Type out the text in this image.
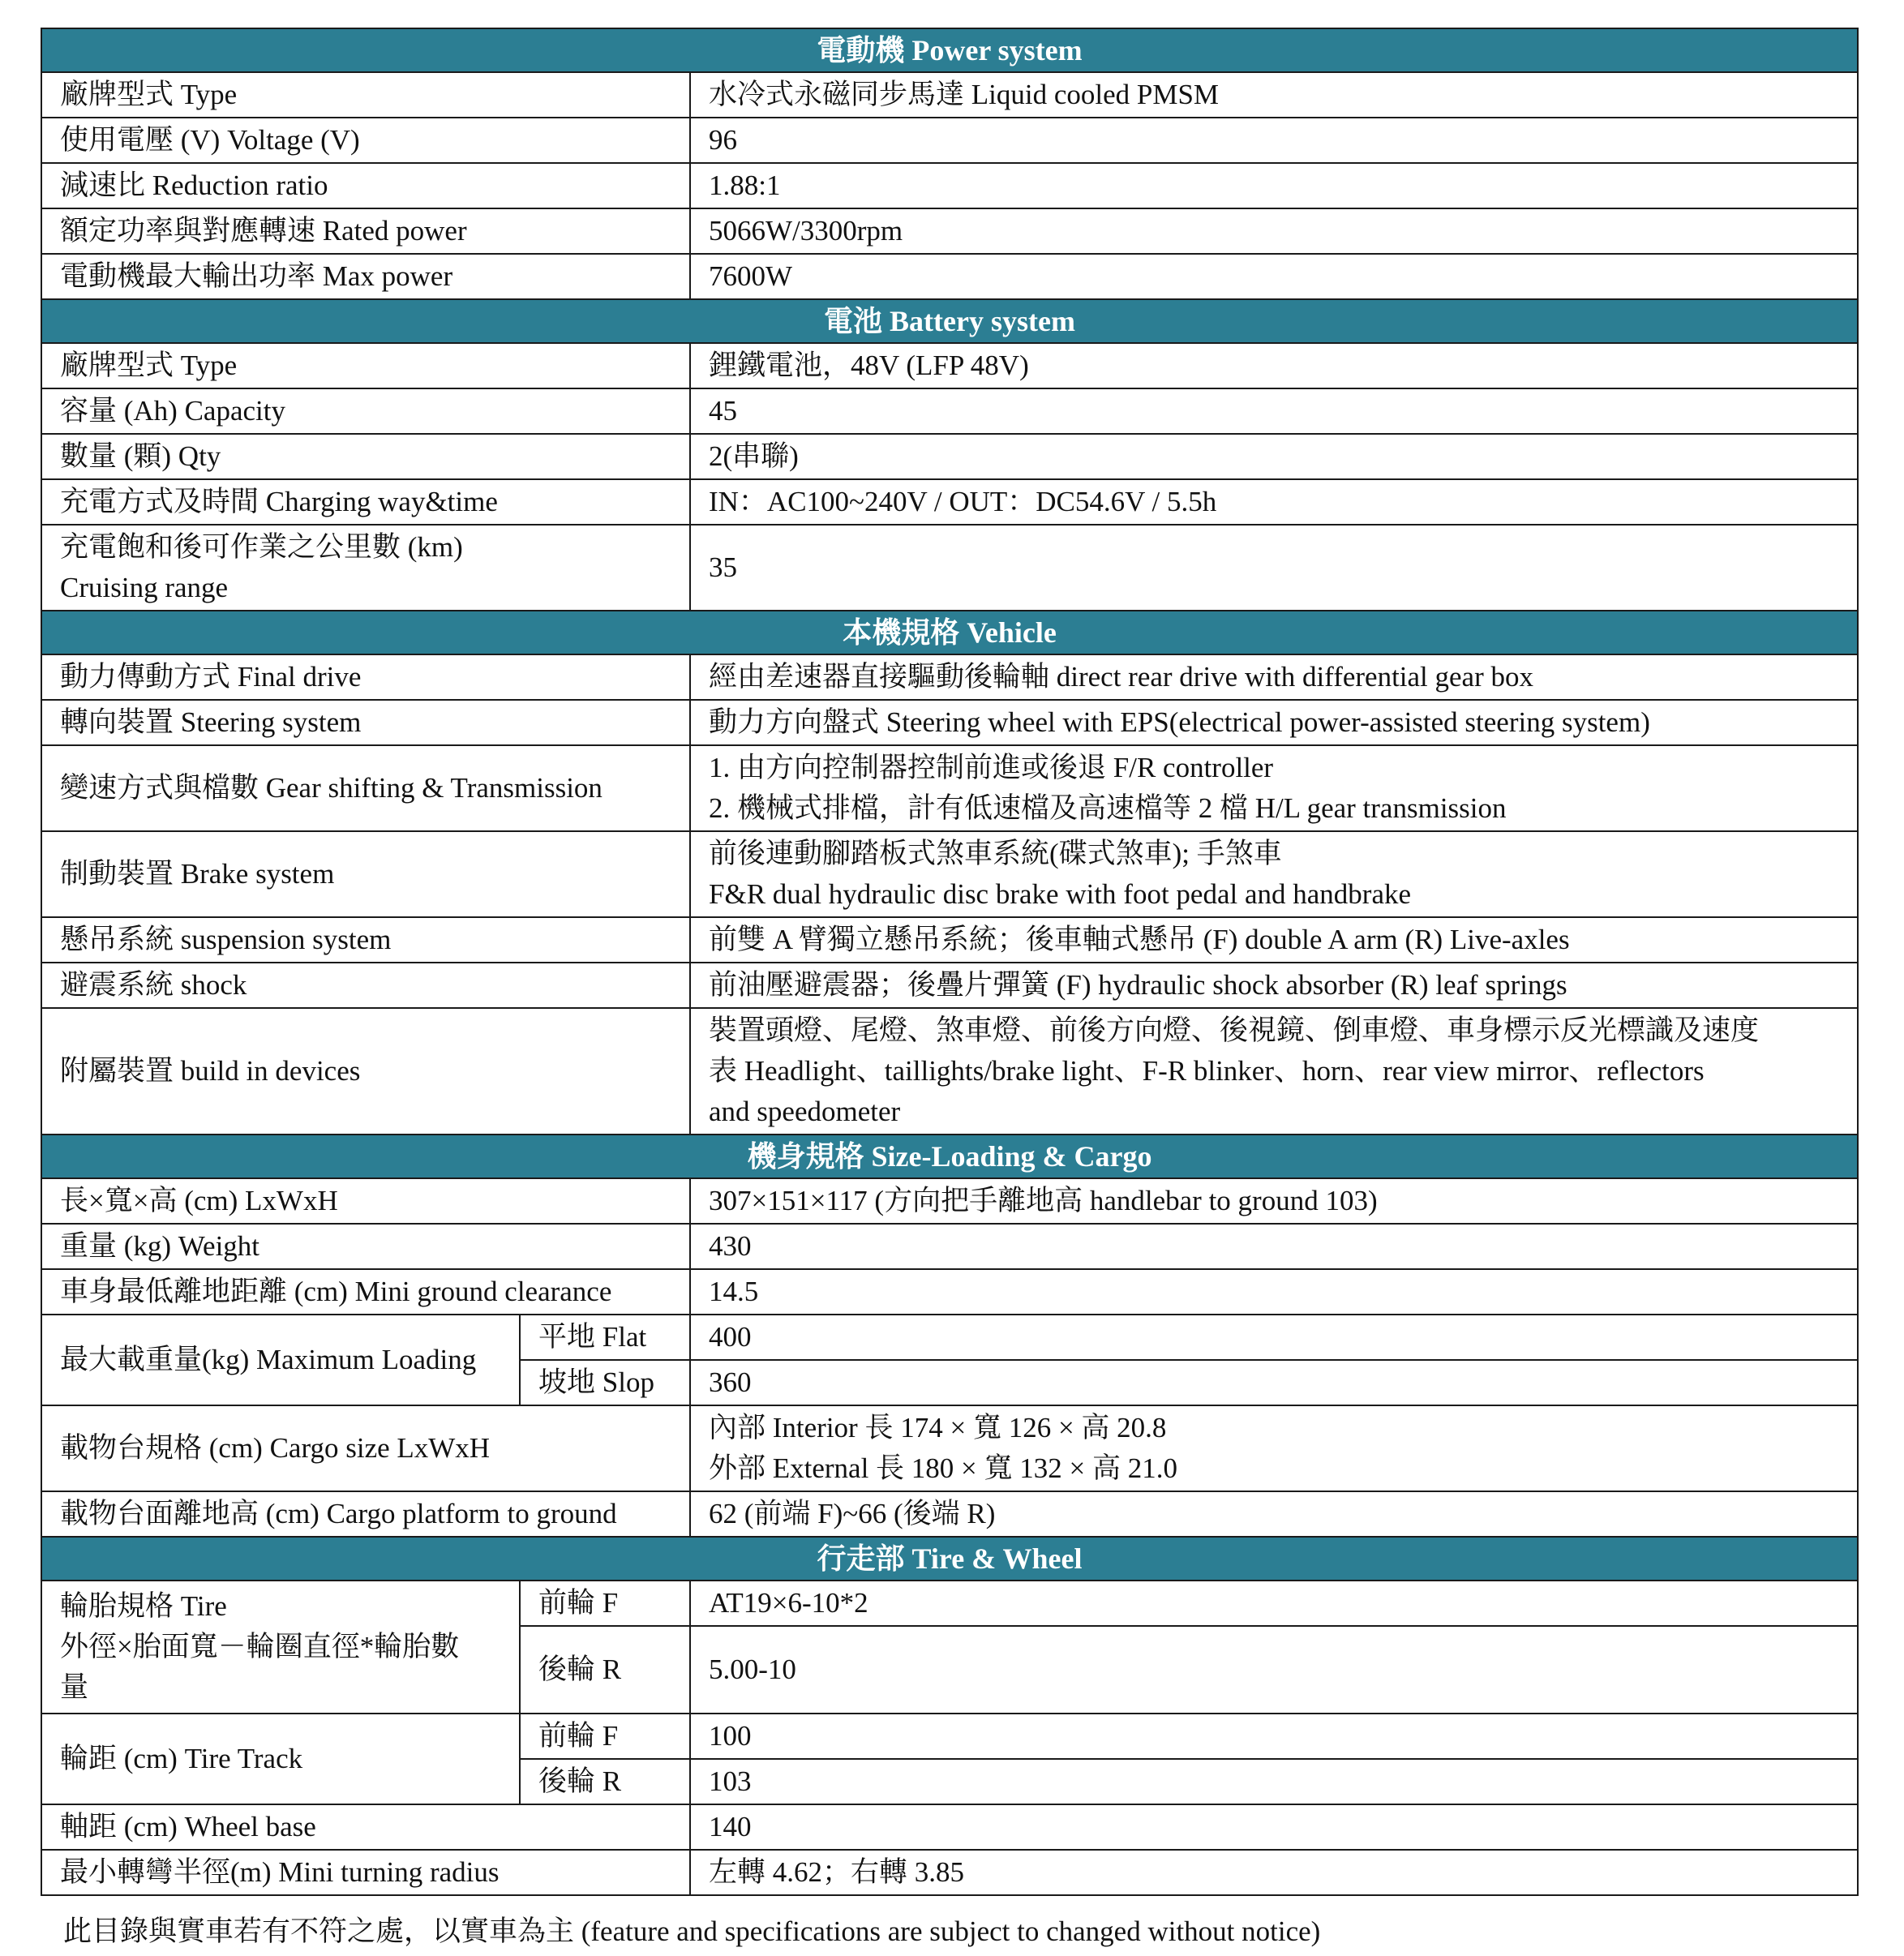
電動機 Power system		
廠牌型式 Type		水冷式永磁同步馬達 Liquid cooled PMSM
使用電壓 (V) Voltage (V)		96
減速比 Reduction ratio		1.88:1
額定功率與對應轉速 Rated power		5066W/3300rpm
電動機最大輸出功率 Max power		7600W
電池 Battery system		
廠牌型式 Type		鋰鐵電池，48V (LFP 48V)
容量 (Ah) Capacity		45
數量 (顆) Qty		2(串聯)
充電方式及時間 Charging way&time		IN：AC100~240V / OUT：DC54.6V / 5.5h

充電飽和後可作業之公里數 (km)
Cruising range		35
本機規格 Vehicle		
動力傳動方式 Final drive		經由差速器直接驅動後輪軸 direct rear drive with differential gear box
轉向裝置 Steering system		動力方向盤式 Steering wheel with EPS(electrical power-assisted steering system)
變速方式與檔數 Gear shifting & Transmission		1. 由方向控制器控制前進或後退 F/R controller
2. 機械式排檔，計有低速檔及高速檔等 2 檔 H/L gear transmission

制動裝置 Brake system		前後連動腳踏板式煞車系統(碟式煞車); 手煞車
F&R dual hydraulic disc brake with foot pedal and handbrake

懸吊系統 suspension system		前雙 A 臂獨立懸吊系統；後車軸式懸吊 (F) double A arm (R) Live-axles
避震系統 shock		前油壓避震器；後疊片彈簧 (F) hydraulic shock absorber (R) leaf springs
附屬裝置 build in devices		裝置頭燈、尾燈、煞車燈、前後方向燈、後視鏡、倒車燈、車身標示反光標識及速度
表 Headlight、taillights/brake light、F-R blinker、horn、rear view mirror、reflectors
and speedometer

機身規格 Size-Loading & Cargo		
長×寬×高 (cm) LxWxH		307×151×117 (方向把手離地高 handlebar to ground 103)
重量 (kg) Weight		430
車身最低離地距離 (cm) Mini ground clearance		14.5
最大載重量(kg) Maximum Loading	平地 Flat	400
	坡地 Slop	360
載物台規格 (cm) Cargo size LxWxH		內部 Interior 長 174 × 寬 126 × 高 20.8
外部 External 長 180 × 寬 132 × 高 21.0

載物台面離地高 (cm) Cargo platform to ground		62 (前端 F)~66 (後端 R)
行走部 Tire & Wheel		

輪胎規格 Tire
外徑×胎面寬－輪圈直徑*輪胎數
量	前輪 F	AT19×6-10*2
	後輪 R	5.00-10
輪距 (cm) Tire Track	前輪 F	100
	後輪 R	103
軸距 (cm) Wheel base		140
最小轉彎半徑(m) Mini turning radius		左轉 4.62；右轉 3.85
此目錄與實車若有不符之處，以實車為主 (feature and specifications are subject to changed without notice)
